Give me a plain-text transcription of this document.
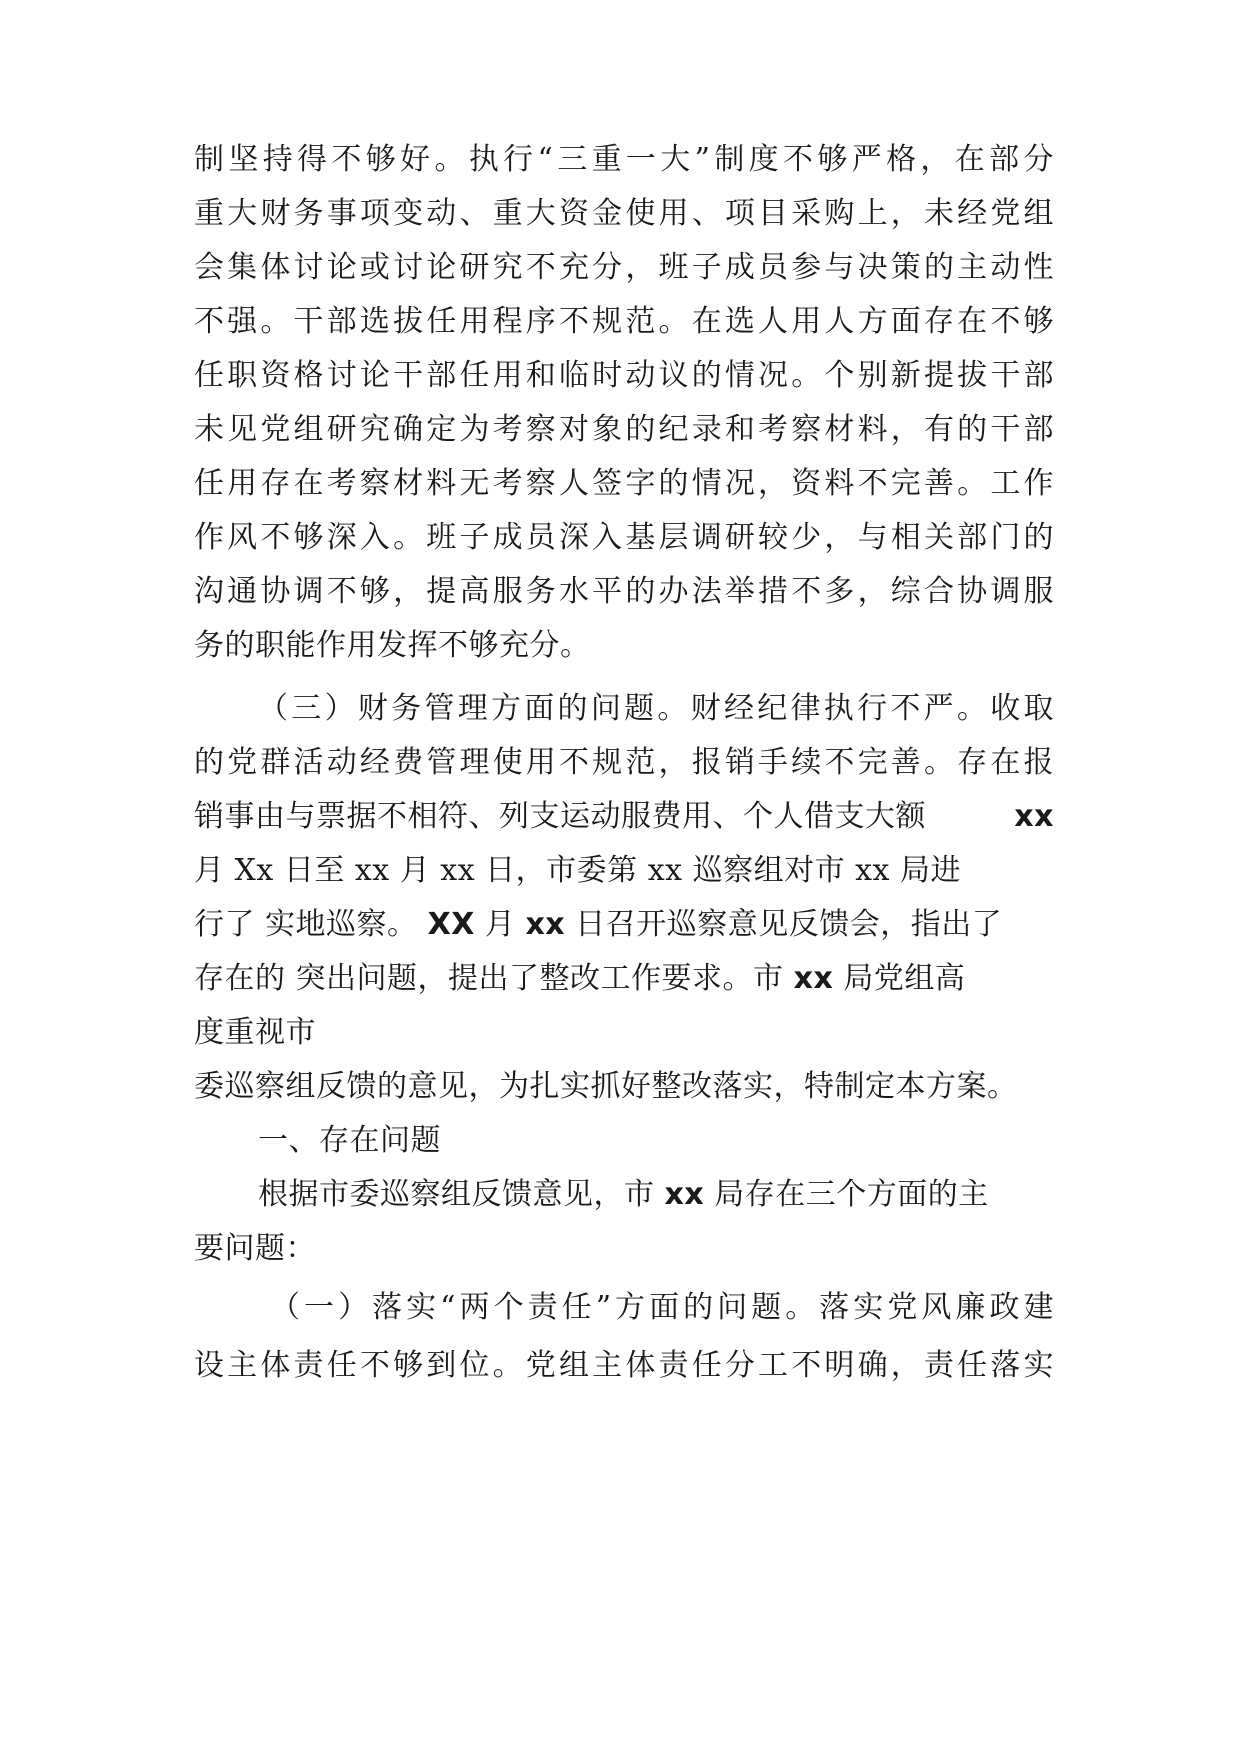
制坚持得不够好。执行“三重一大”制度不够严格，在部分
重大财务事项变动、重大资金使用、项目采购上，未经党组
会集体讨论或讨论研究不充分，班子成员参与决策的主动性
不强。干部选拔任用程序不规范。在选人用人方面存在不够
任职资格讨论干部任用和临时动议的情况。个别新提拔干部
未见党组研究确定为考察对象的纪录和考察材料，有的干部
任用存在考察材料无考察人签字的情况，资料不完善。工作
作风不够深入。班子成员深入基层调研较少，与相关部门的
沟通协调不够，提高服务水平的办法举措不多，综合协调服
务的职能作用发挥不够充分。
（三）财务管理方面的问题。财经纪律执行不严。收取
的党群活动经费管理使用不规范，报销手续不完善。存在报
销事由与票据不相符、列支运动服费用、个人借支大额	xx
月 Xx 日至 xx 月 xx 日，市委第 xx 巡察组对市 xx 局进
行了 实地巡察。 XX 月 xx 日召开巡察意见反馈会，指出了
存在的 突出问题，提出了整改工作要求。市 xx 局党组高
度重视市
委巡察组反馈的意见，为扎实抓好整改落实，特制定本方案。
一、存在问题
根据市委巡察组反馈意见，市 xx 局存在三个方面的主
要问题：
（一）落实“两个责任”方面的问题。落实党风廉政建
设主体责任不够到位。党组主体责任分工不明确，责任落实
